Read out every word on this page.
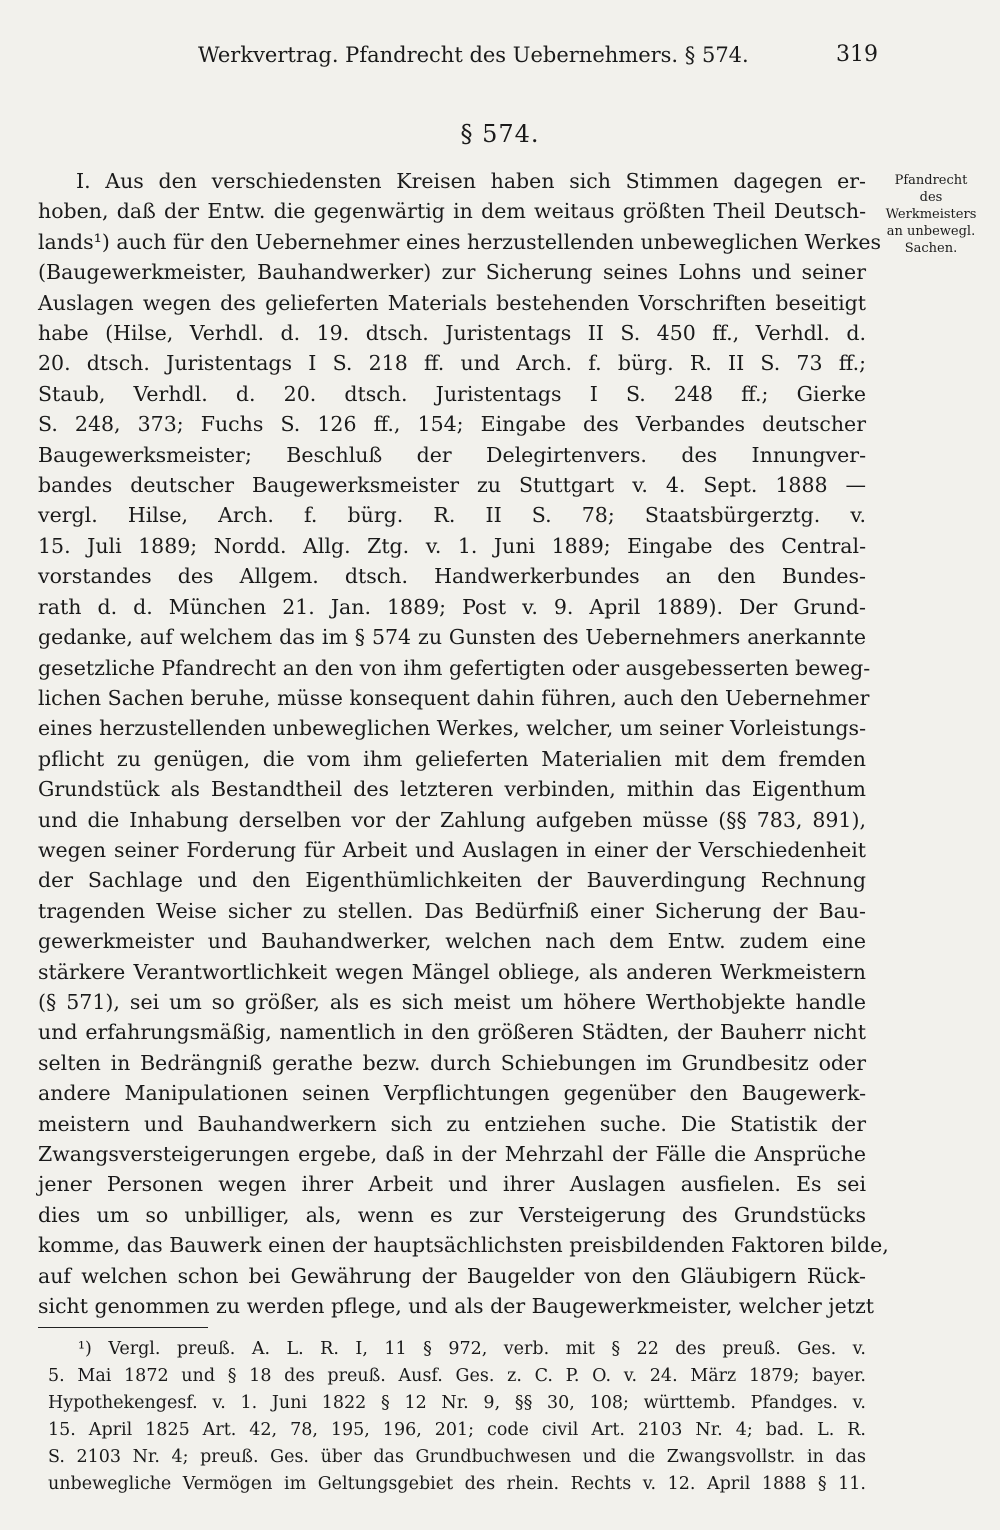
Werkvertrag. Pfandrecht des Uebernehmers. § 574.	319
§ 574.
Pfandrecht
des
Werkmeisters
an unbewegl.
Sachen.
I. Aus den verschiedensten Kreisen haben sich Stimmen dagegen er-
hoben, daß der Entw. die gegenwärtig in dem weitaus größten Theil Deutsch-
lands¹) auch für den Uebernehmer eines herzustellenden unbeweglichen Werkes
(Baugewerkmeister, Bauhandwerker) zur Sicherung seines Lohns und seiner
Auslagen wegen des gelieferten Materials bestehenden Vorschriften beseitigt
habe (Hilse, Verhdl. d. 19. dtsch. Juristentags II S. 450 ff., Verhdl. d.
20. dtsch. Juristentags I S. 218 ff. und Arch. f. bürg. R. II S. 73 ff.;
Staub, Verhdl. d. 20. dtsch. Juristentags I S. 248 ff.; Gierke
S. 248, 373; Fuchs S. 126 ff., 154; Eingabe des Verbandes deutscher
Baugewerksmeister; Beschluß der Delegirtenvers. des Innungver-
bandes deutscher Baugewerksmeister zu Stuttgart v. 4. Sept. 1888 —
vergl. Hilse, Arch. f. bürg. R. II S. 78; Staatsbürgerztg. v.
15. Juli 1889; Nordd. Allg. Ztg. v. 1. Juni 1889; Eingabe des Central-
vorstandes des Allgem. dtsch. Handwerkerbundes an den Bundes-
rath d. d. München 21. Jan. 1889; Post v. 9. April 1889). Der Grund-
gedanke, auf welchem das im § 574 zu Gunsten des Uebernehmers anerkannte
gesetzliche Pfandrecht an den von ihm gefertigten oder ausgebesserten beweg-
lichen Sachen beruhe, müsse konsequent dahin führen, auch den Uebernehmer
eines herzustellenden unbeweglichen Werkes, welcher, um seiner Vorleistungs-
pflicht zu genügen, die vom ihm gelieferten Materialien mit dem fremden
Grundstück als Bestandtheil des letzteren verbinden, mithin das Eigenthum
und die Inhabung derselben vor der Zahlung aufgeben müsse (§§ 783, 891),
wegen seiner Forderung für Arbeit und Auslagen in einer der Verschiedenheit
der Sachlage und den Eigenthümlichkeiten der Bauverdingung Rechnung
tragenden Weise sicher zu stellen. Das Bedürfniß einer Sicherung der Bau-
gewerkmeister und Bauhandwerker, welchen nach dem Entw. zudem eine
stärkere Verantwortlichkeit wegen Mängel obliege, als anderen Werkmeistern
(§ 571), sei um so größer, als es sich meist um höhere Werthobjekte handle
und erfahrungsmäßig, namentlich in den größeren Städten, der Bauherr nicht
selten in Bedrängniß gerathe bezw. durch Schiebungen im Grundbesitz oder
andere Manipulationen seinen Verpflichtungen gegenüber den Baugewerk-
meistern und Bauhandwerkern sich zu entziehen suche. Die Statistik der
Zwangsversteigerungen ergebe, daß in der Mehrzahl der Fälle die Ansprüche
jener Personen wegen ihrer Arbeit und ihrer Auslagen ausfielen. Es sei
dies um so unbilliger, als, wenn es zur Versteigerung des Grundstücks
komme, das Bauwerk einen der hauptsächlichsten preisbildenden Faktoren bilde,
auf welchen schon bei Gewährung der Baugelder von den Gläubigern Rück-
sicht genommen zu werden pflege, und als der Baugewerkmeister, welcher jetzt
¹) Vergl. preuß. A. L. R. I, 11 § 972, verb. mit § 22 des preuß. Ges. v.
5. Mai 1872 und § 18 des preuß. Ausf. Ges. z. C. P. O. v. 24. März 1879; bayer.
Hypothekengesf. v. 1. Juni 1822 § 12 Nr. 9, §§ 30, 108; württemb. Pfandges. v.
15. April 1825 Art. 42, 78, 195, 196, 201; code civil Art. 2103 Nr. 4; bad. L. R.
S. 2103 Nr. 4; preuß. Ges. über das Grundbuchwesen und die Zwangsvollstr. in das
unbewegliche Vermögen im Geltungsgebiet des rhein. Rechts v. 12. April 1888 § 11.
